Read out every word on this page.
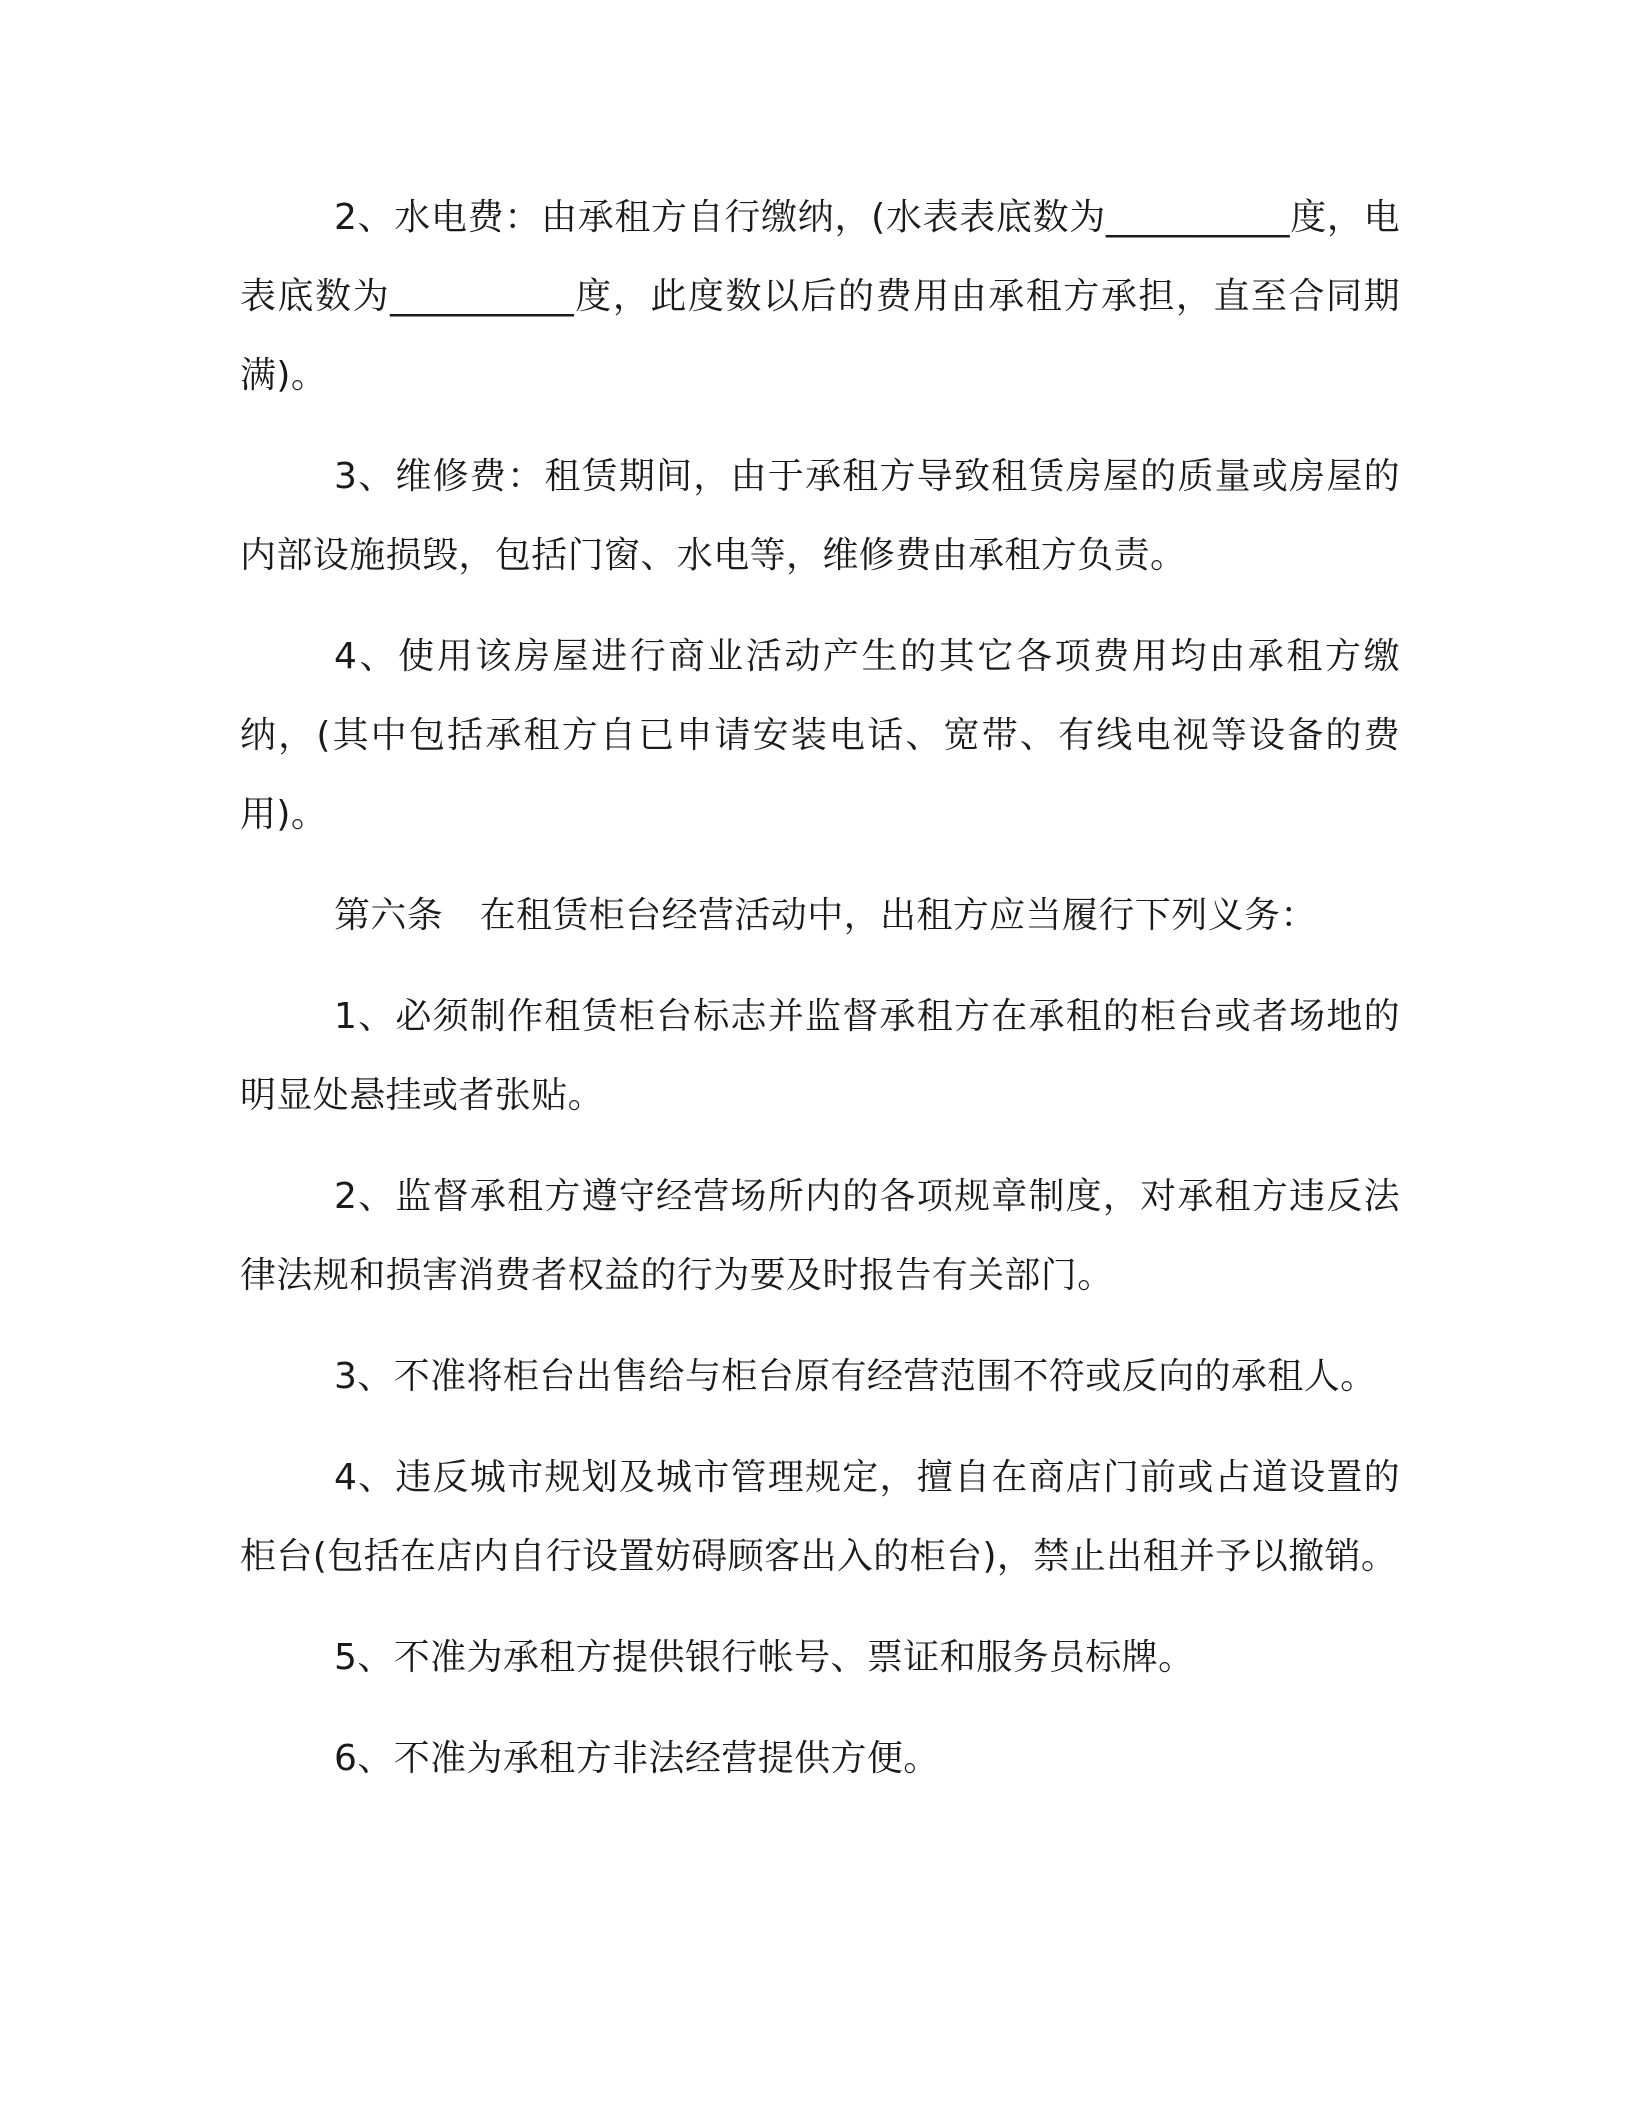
2、水电费：由承租方自行缴纳，(水表表底数为__________度，电表底数为__________度，此度数以后的费用由承租方承担，直至合同期满)。

3、维修费：租赁期间，由于承租方导致租赁房屋的质量或房屋的内部设施损毁，包括门窗、水电等，维修费由承租方负责。

4、使用该房屋进行商业活动产生的其它各项费用均由承租方缴纳，(其中包括承租方自已申请安装电话、宽带、有线电视等设备的费用)。

第六条　在租赁柜台经营活动中，出租方应当履行下列义务：

1、必须制作租赁柜台标志并监督承租方在承租的柜台或者场地的明显处悬挂或者张贴。

2、监督承租方遵守经营场所内的各项规章制度，对承租方违反法律法规和损害消费者权益的行为要及时报告有关部门。

3、不准将柜台出售给与柜台原有经营范围不符或反向的承租人。

4、违反城市规划及城市管理规定，擅自在商店门前或占道设置的柜台(包括在店内自行设置妨碍顾客出入的柜台)，禁止出租并予以撤销。

5、不准为承租方提供银行帐号、票证和服务员标牌。

6、不准为承租方非法经营提供方便。
